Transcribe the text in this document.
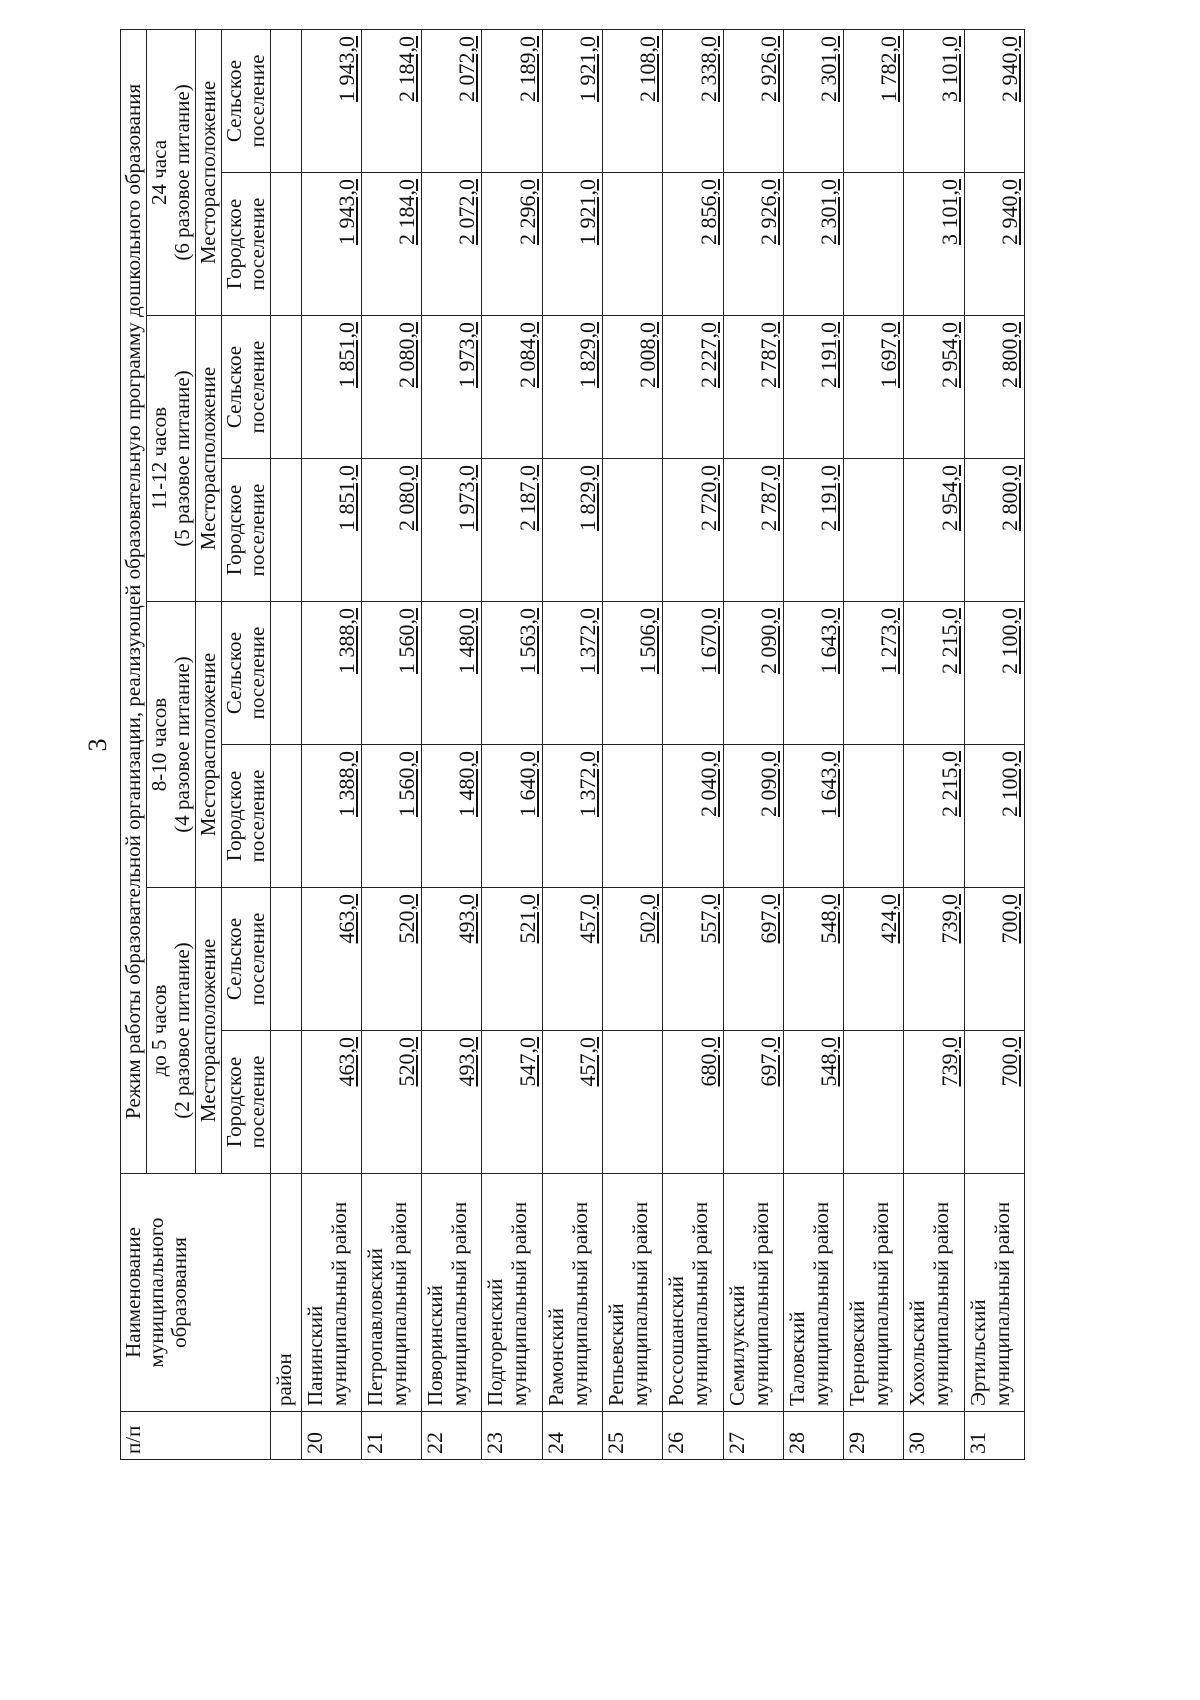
3
п/п	Наименование муниципального образования	Режим работы образовательной организации, реализующей образовательную программу дошкольного образования							
		до 5 часов		8-10 часов		11-12 часов		24 часа	
		(2 разовое питание)		(4 разовое питание)		(5 разовое питание)		(6 разовое питание)	
		Месторасположение		Месторасположение		Месторасположение		Месторасположение	
		Городское поселение	Сельское поселение	Городское поселение	Сельское поселение	Городское поселение	Сельское поселение	Городское поселение	Сельское поселение
	район								
20	Панинский муниципальный район	463,0	463,0	1 388,0	1 388,0	1 851,0	1 851,0	1 943,0	1 943,0
21	Петропавловский муниципальный район	520,0	520,0	1 560,0	1 560,0	2 080,0	2 080,0	2 184,0	2 184,0
22	Поворинский муниципальный район	493,0	493,0	1 480,0	1 480,0	1 973,0	1 973,0	2 072,0	2 072,0
23	Подгоренский муниципальный район	547,0	521,0	1 640,0	1 563,0	2 187,0	2 084,0	2 296,0	2 189,0
24	Рамонский муниципальный район	457,0	457,0	1 372,0	1 372,0	1 829,0	1 829,0	1 921,0	1 921,0
25	Репьевский муниципальный район		502,0		1 506,0		2 008,0		2 108,0
26	Россошанский муниципальный район	680,0	557,0	2 040,0	1 670,0	2 720,0	2 227,0	2 856,0	2 338,0
27	Семилукский муниципальный район	697,0	697,0	2 090,0	2 090,0	2 787,0	2 787,0	2 926,0	2 926,0
28	Таловский муниципальный район	548,0	548,0	1 643,0	1 643,0	2 191,0	2 191,0	2 301,0	2 301,0
29	Терновский муниципальный район		424,0		1 273,0		1 697,0		1 782,0
30	Хохольский муниципальный район	739,0	739,0	2 215,0	2 215,0	2 954,0	2 954,0	3 101,0	3 101,0
31	Эртильский муниципальный район	700,0	700,0	2 100,0	2 100,0	2 800,0	2 800,0	2 940,0	2 940,0
